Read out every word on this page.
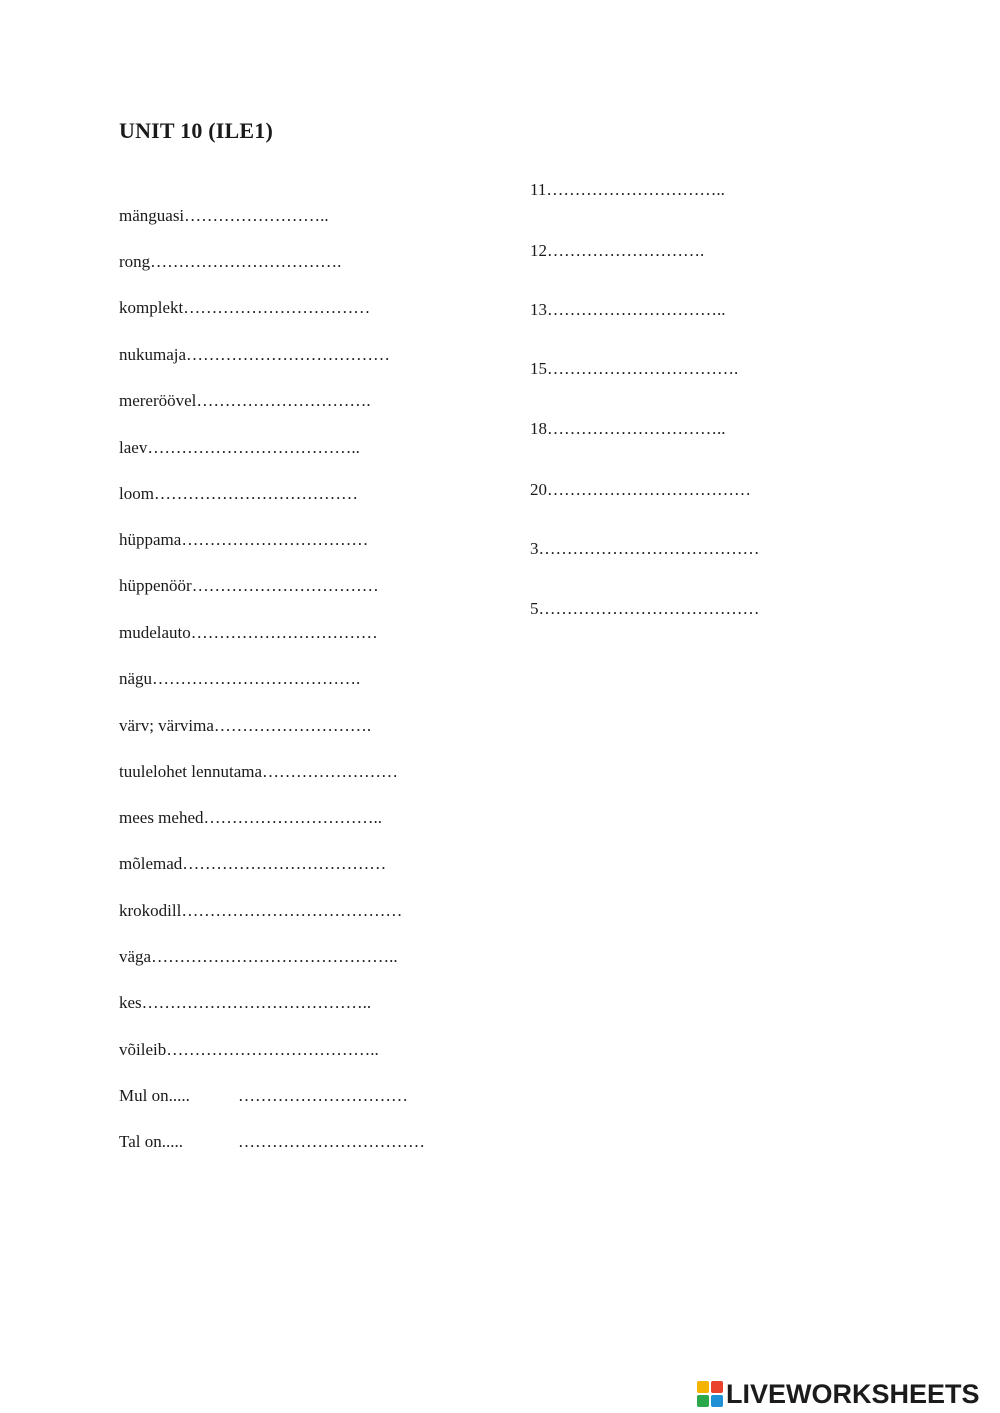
UNIT 10 (ILE1)
mänguasi……………………..
rong…………………………….
komplekt……………………………
nukumaja………………………………
mereröövel………………………….
laev………………………………..
loom………………………………
hüppama……………………………
hüppenöör……………………………
mudelauto……………………………
nägu……………………………….
värv; värvima……………………….
tuulelohet lennutama……………………
mees mehed…………………………..
mõlemad………………………………
krokodill…………………………………
väga……………………………………..
kes…………………………………..
võileib………………………………..
Mul on.....	…………………………
Tal on.....	……………………………
11…………………………..
12……………………….
13…………………………..
15…………………………….
18…………………………..
20………………………………
3…………………………………
5…………………………………
LIVEWORKSHEETS
